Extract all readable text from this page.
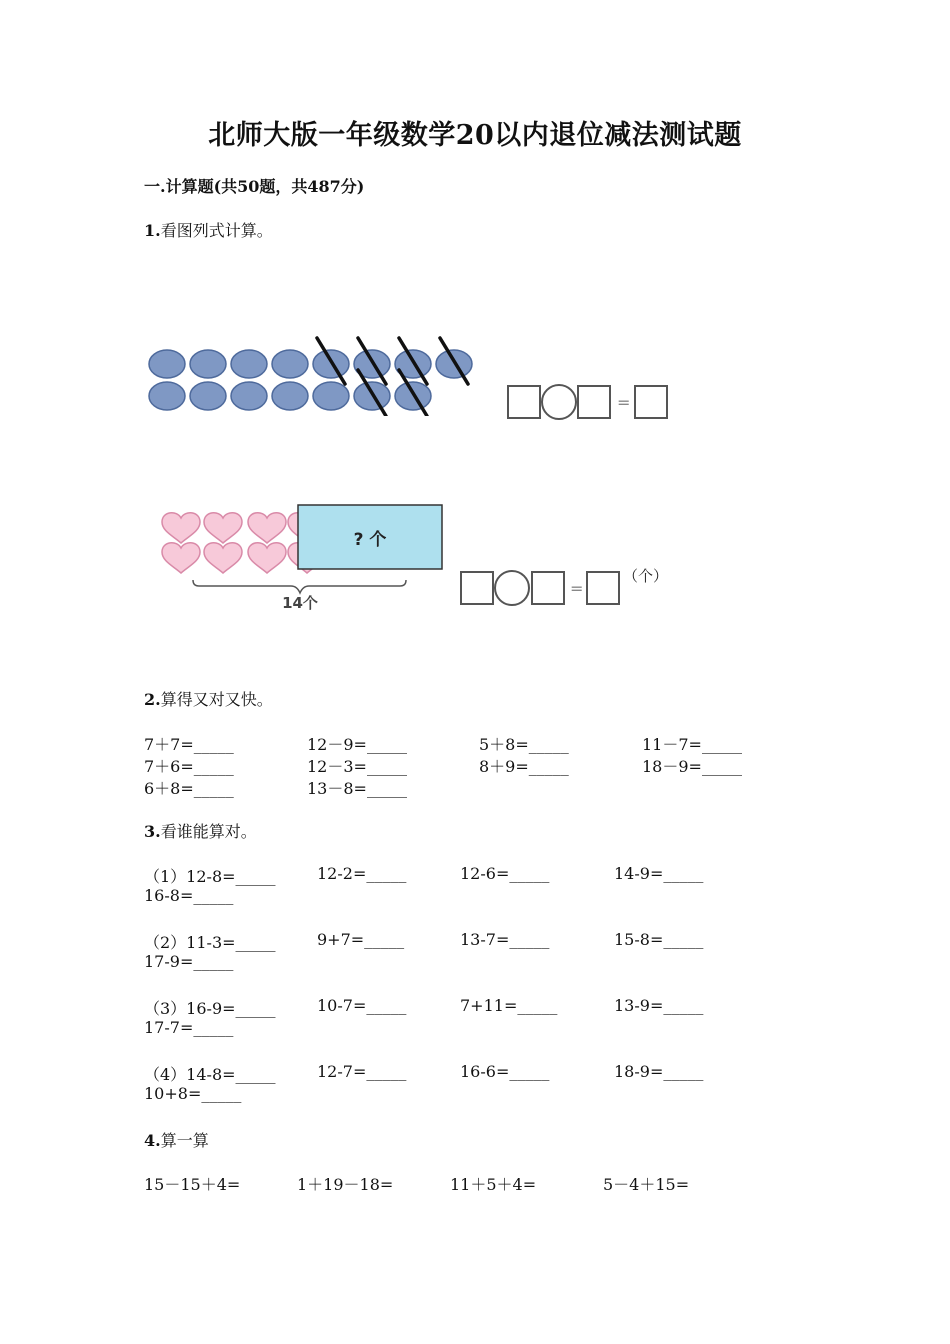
北师大版一年级数学20以内退位减法测试题
一.计算题(共50题，共487分)
1.看图列式计算。
=
? 个
14个
=
（个）
2.算得又对又快。
7＋7=_____	12－9=_____	5＋8=_____	11－7=_____
7＋6=_____	12－3=_____	8＋9=_____	18－9=_____
6＋8=_____	13－8=_____
3.看谁能算对。
（1）12-8=_____	12-2=_____	12-6=_____	14-9=_____
16-8=_____
（2）11-3=_____	9+7=_____	13-7=_____	15-8=_____
17-9=_____
（3）16-9=_____	10-7=_____	7+11=_____	13-9=_____
17-7=_____
（4）14-8=_____	12-7=_____	16-6=_____	18-9=_____
10+8=_____
4.算一算
15－15＋4=	1＋19－18=	11＋5＋4=	5－4＋15=
